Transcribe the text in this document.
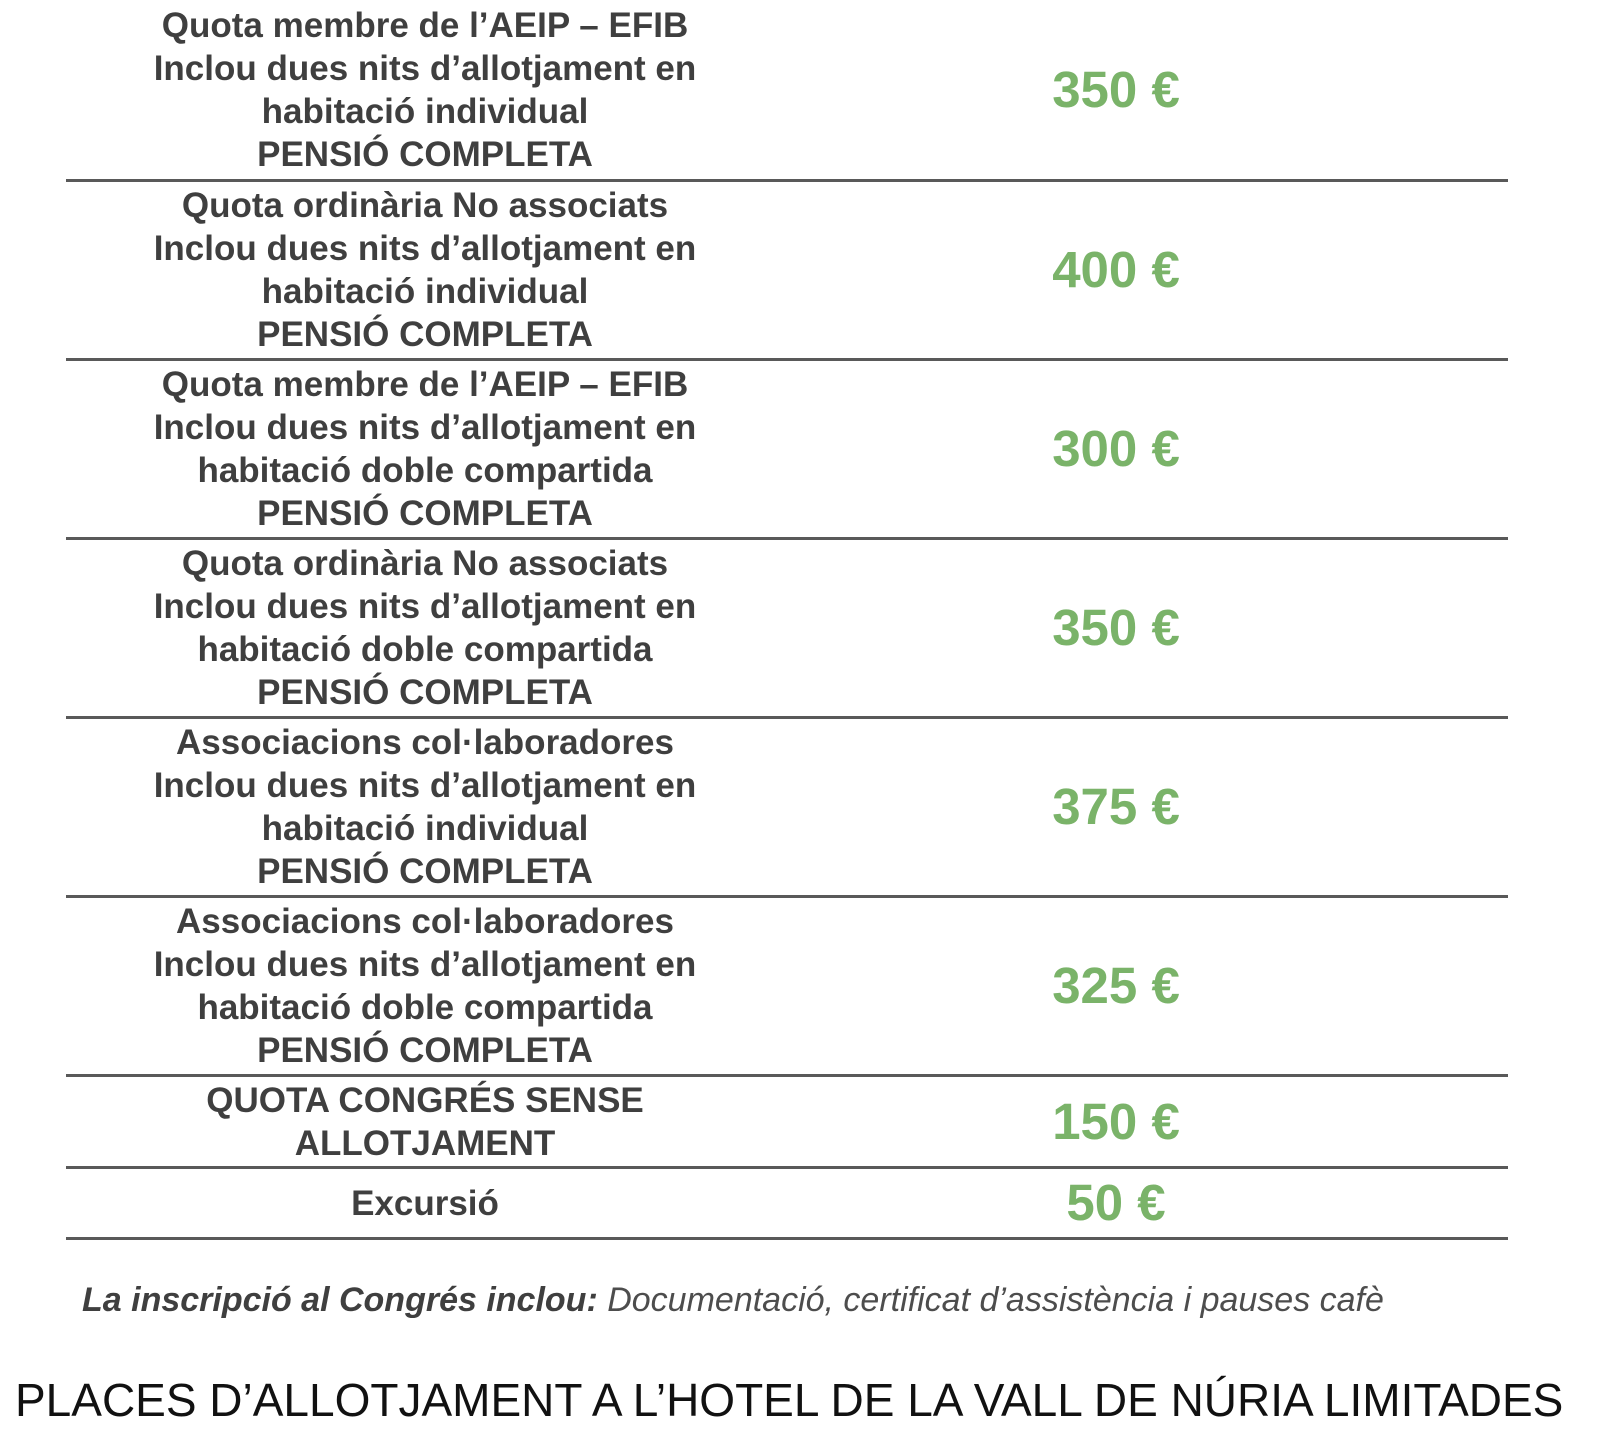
Quota membre de l’AEIP – EFIB
Inclou dues nits d’allotjament en
habitació individual
PENSIÓ COMPLETA
350 €
Quota ordinària No associats
Inclou dues nits d’allotjament en
habitació individual
PENSIÓ COMPLETA
400 €
Quota membre de l’AEIP – EFIB
Inclou dues nits d’allotjament en
habitació doble compartida
PENSIÓ COMPLETA
300 €
Quota ordinària No associats
Inclou dues nits d’allotjament en
habitació doble compartida
PENSIÓ COMPLETA
350 €
Associacions col·laboradores
Inclou dues nits d’allotjament en
habitació individual
PENSIÓ COMPLETA
375 €
Associacions col·laboradores
Inclou dues nits d’allotjament en
habitació doble compartida
PENSIÓ COMPLETA
325 €
QUOTA CONGRÉS SENSE
ALLOTJAMENT	150 €
Excursió	50 €
La inscripció al Congrés inclou: Documentació, certificat d’assistència i pauses cafè
PLACES D’ALLOTJAMENT A L’HOTEL DE LA VALL DE NÚRIA LIMITADES
